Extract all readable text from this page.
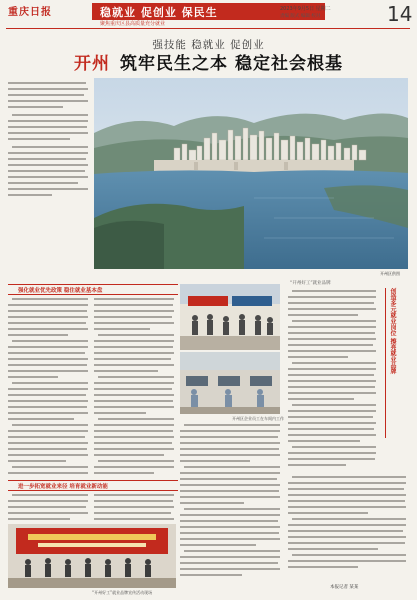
重庆日报	稳就业 促创业 保民生
聚焦重庆区县高质量充分就业
2023年9月5日 星期二
责编 版式 编辑 校对	14
强技能 稳就业 促创业
开州 筑牢民生之本 稳定社会根基
开州区供图
强化就业优先政策 稳住就业基本盘
开州区企业员工在车间内工作
“开州好工”就业品牌
创造多元就业岗位 擦亮就业品牌
进一步拓宽就业来径 培育就业新动能
“开州好工”就业品牌宣传活动现场
本报记者 某某
